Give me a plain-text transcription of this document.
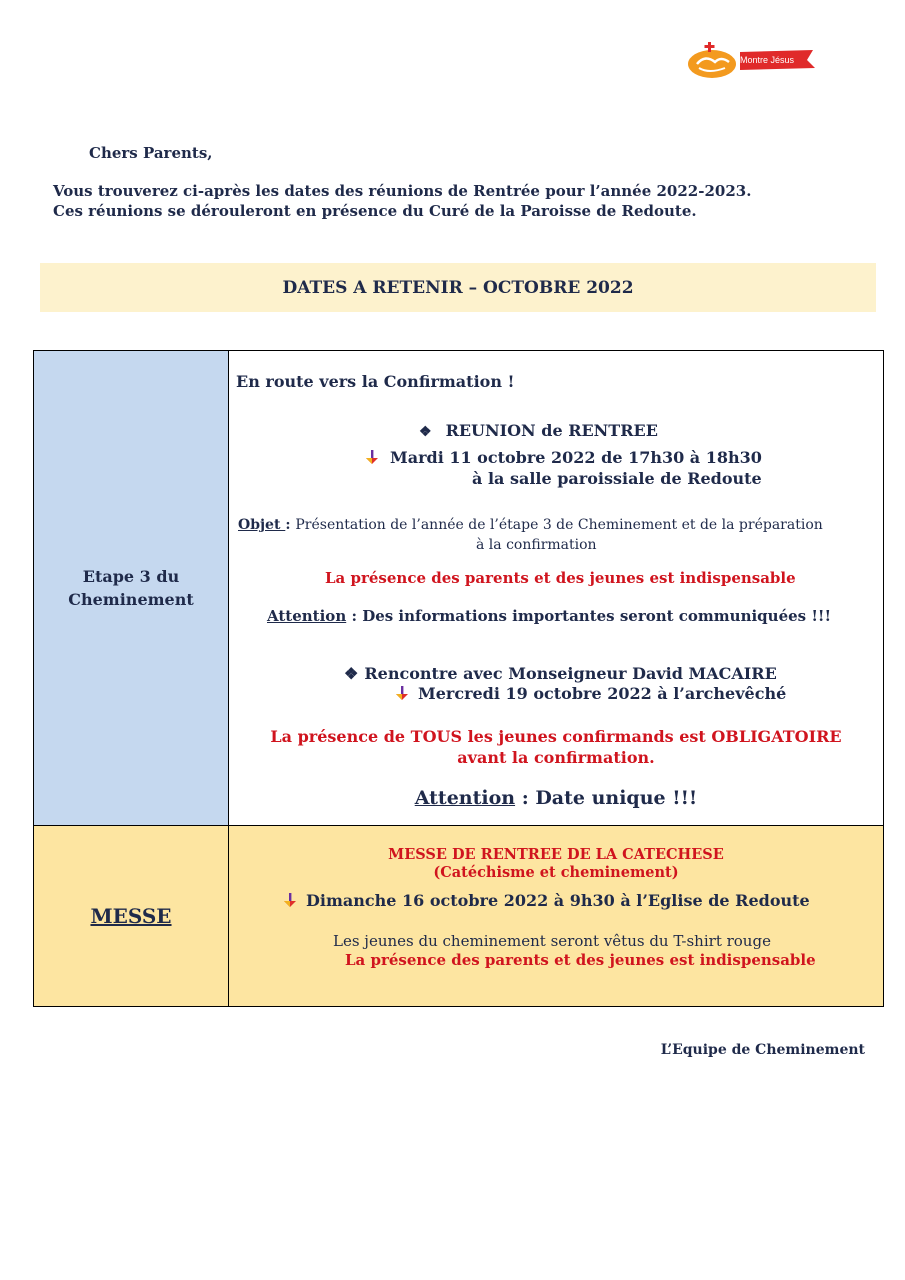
Montre Jésus
Chers Parents,
Vous trouverez ci-après les dates des réunions de Rentrée pour l’année 2022-2023.
Ces réunions se dérouleront en présence du Curé de la Paroisse de Redoute.
DATES A RETENIR – OCTOBRE 2022
Etape 3 du
Cheminement
En route vers la Confirmation !
❖ REUNION de RENTREE
Mardi 11 octobre 2022 de 17h30 à 18h30
à la salle paroissiale de Redoute
Objet : Présentation de l’année de l’étape 3 de Cheminement et de la préparation
à la confirmation
La présence des parents et des jeunes est indispensable
Attention : Des informations importantes seront communiquées !!!
❖ Rencontre avec Monseigneur David MACAIRE
Mercredi 19 octobre 2022 à l’archevêché
La présence de TOUS les jeunes confirmands est OBLIGATOIRE
avant la confirmation.
Attention : Date unique !!!
MESSE
MESSE DE RENTREE DE LA CATECHESE
(Catéchisme et cheminement)
Dimanche 16 octobre 2022 à 9h30 à l’Eglise de Redoute
Les jeunes du cheminement seront vêtus du T-shirt rouge
La présence des parents et des jeunes est indispensable
L’Equipe de Cheminement
